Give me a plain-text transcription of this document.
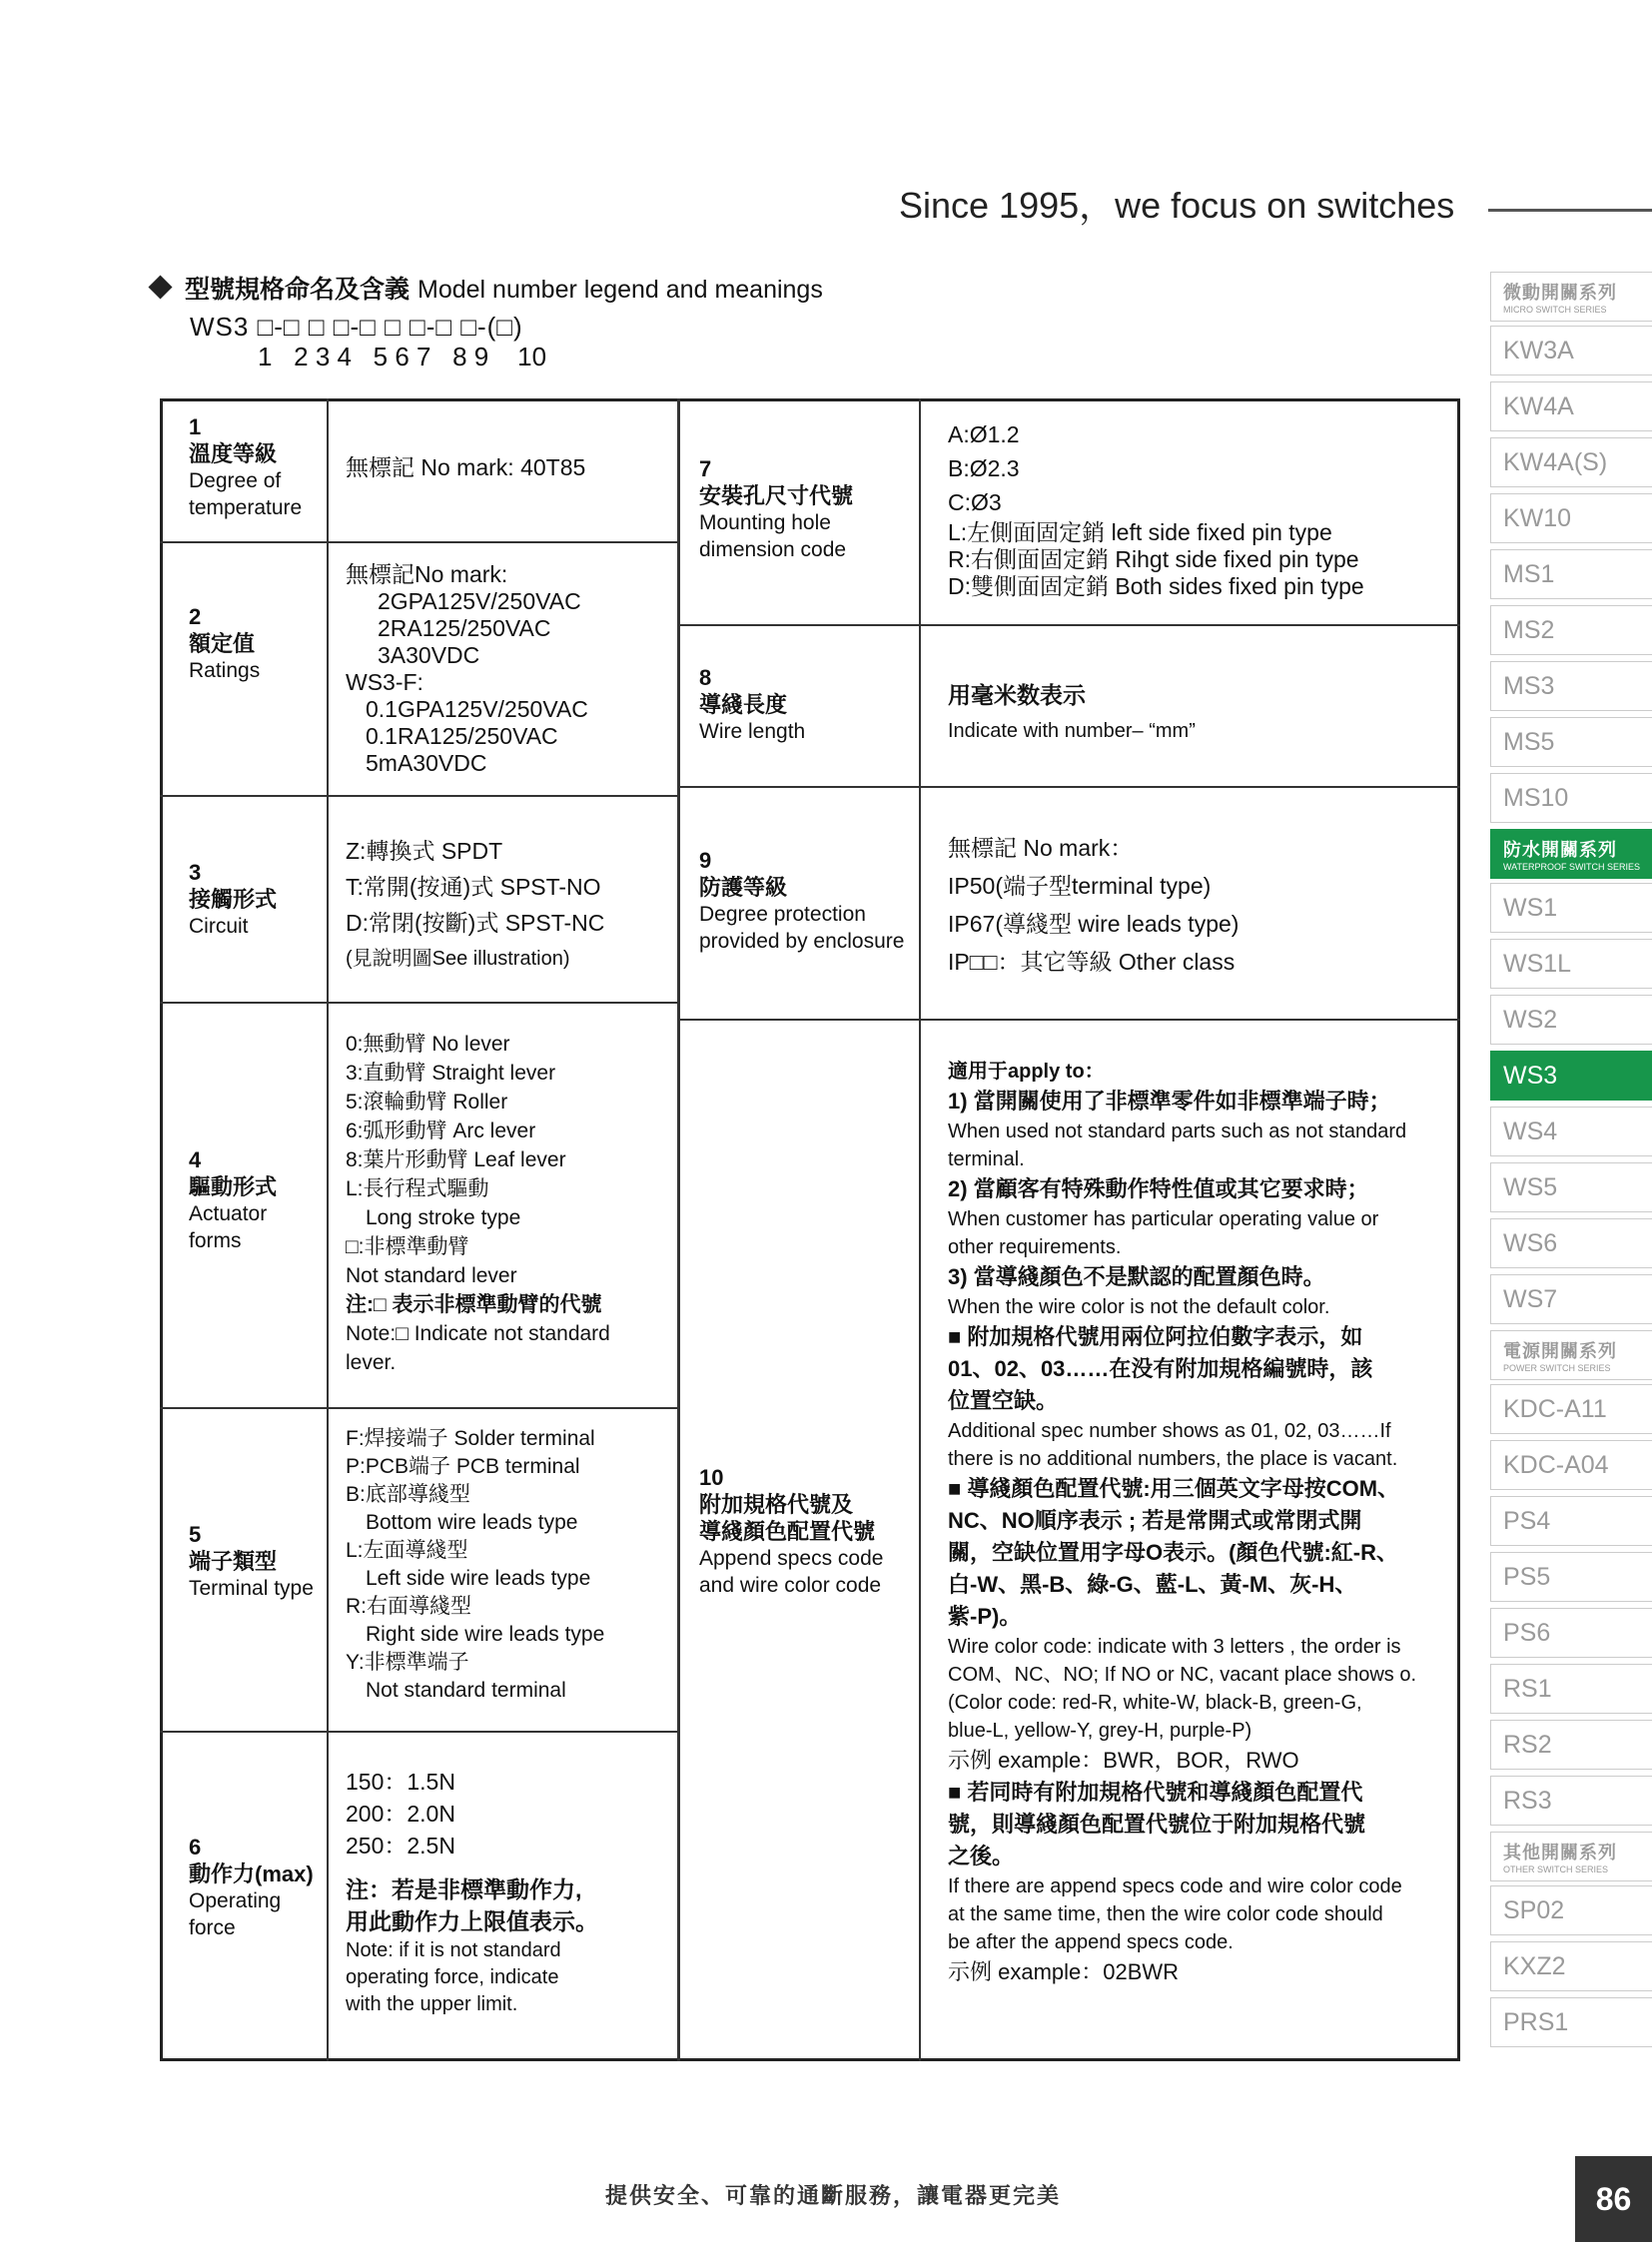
Since 1995，we focus on switches
型號規格命名及含義 Model number legend and meanings
WS3 □-□ □ □-□ □ □-□ □-(□)
1   2 3 4   5 6 7   8 9    10
1
溫度等級
Degree of
temperature
無標記 No mark: 40T85
2
額定值
Ratings
無標記No mark:
2GPA125V/250VAC
2RA125/250VAC
3A30VDC
WS3-F:
0.1GPA125V/250VAC
0.1RA125/250VAC
5mA30VDC
3
接觸形式
Circuit
Z:轉換式 SPDT
T:常開(按通)式 SPST-NO
D:常閉(按斷)式 SPST-NC
(見說明圖See illustration)
4
驅動形式
Actuator
forms
0:無動臂 No lever
3:直動臂 Straight lever
5:滾輪動臂 Roller
6:弧形動臂 Arc lever
8:葉片形動臂 Leaf lever
L:長行程式驅動
Long stroke type
□:非標準動臂
Not standard lever
注:□ 表示非標準動臂的代號
Note:□ Indicate not standard
lever.
5
端子類型
Terminal type
F:焊接端子 Solder terminal
P:PCB端子 PCB terminal
B:底部導綫型
Bottom wire leads type
L:左面導綫型
Left side wire leads type
R:右面導綫型
Right side wire leads type
Y:非標準端子
Not standard terminal
6
動作力(max)
Operating
force
150：1.5N
200：2.0N
250：2.5N
注：若是非標準動作力,
用此動作力上限值表示。
Note: if it is not standard
operating force, indicate
with the upper limit.
7
安裝孔尺寸代號
Mounting hole
dimension code
A:Ø1.2
B:Ø2.3
C:Ø3
L:左側面固定銷 left side fixed pin type
R:右側面固定銷 Rihgt side fixed pin type
D:雙側面固定銷 Both sides fixed pin type
8
導綫長度
Wire length
用毫米数表示
Indicate with number– “mm”
9
防護等級
Degree protection
provided by enclosure
無標記 No mark：
IP50(端子型terminal type)
IP67(導綫型 wire leads type)
IP□□：其它等級 Other class
10
附加規格代號及
導綫顏色配置代號
Append specs code
and wire color code
適用于apply to：
1) 當開關使用了非標準零件如非標準端子時；
When used not standard parts such as not standard
terminal.
2) 當顧客有特殊動作特性值或其它要求時；
When customer has particular operating value or
other requirements.
3) 當導綫顏色不是默認的配置顏色時。
When the wire color is not the default color.
■ 附加規格代號用兩位阿拉伯數字表示，如
01、02、03……在没有附加規格編號時，該
位置空缺。
Additional spec number shows as 01, 02, 03……If
there is no additional numbers, the place is vacant.
■ 導綫顏色配置代號:用三個英文字母按COM、
NC、NO順序表示 ; 若是常開式或常閉式開
關，空缺位置用字母O表示。(顏色代號:紅-R、
白-W、黑-B、綠-G、藍-L、黃-M、灰-H、
紫-P)。
Wire color code: indicate with 3 letters , the order is
COM、NC、NO; If NO or NC, vacant place shows o.
(Color code: red-R, white-W, black-B, green-G,
blue-L, yellow-Y, grey-H, purple-P)
示例 example：BWR，BOR，RWO
■ 若同時有附加規格代號和導綫顏色配置代
號，則導綫顏色配置代號位于附加規格代號
之後。
If there are append specs code and wire color code
at the same time, then the wire color code should
be after the append specs code.
示例 example：02BWR
微動開關系列
MICRO SWITCH SERIES
KW3A
KW4A
KW4A(S)
KW10
MS1
MS2
MS3
MS5
MS10
防水開關系列
WATERPROOF SWITCH SERIES
WS1
WS1L
WS2
WS3
WS4
WS5
WS6
WS7
電源開關系列
POWER SWITCH SERIES
KDC-A11
KDC-A04
PS4
PS5
PS6
RS1
RS2
RS3
其他開關系列
OTHER SWITCH SERIES
SP02
KXZ2
PRS1
提供安全、可靠的通斷服務，讓電器更完美	86
